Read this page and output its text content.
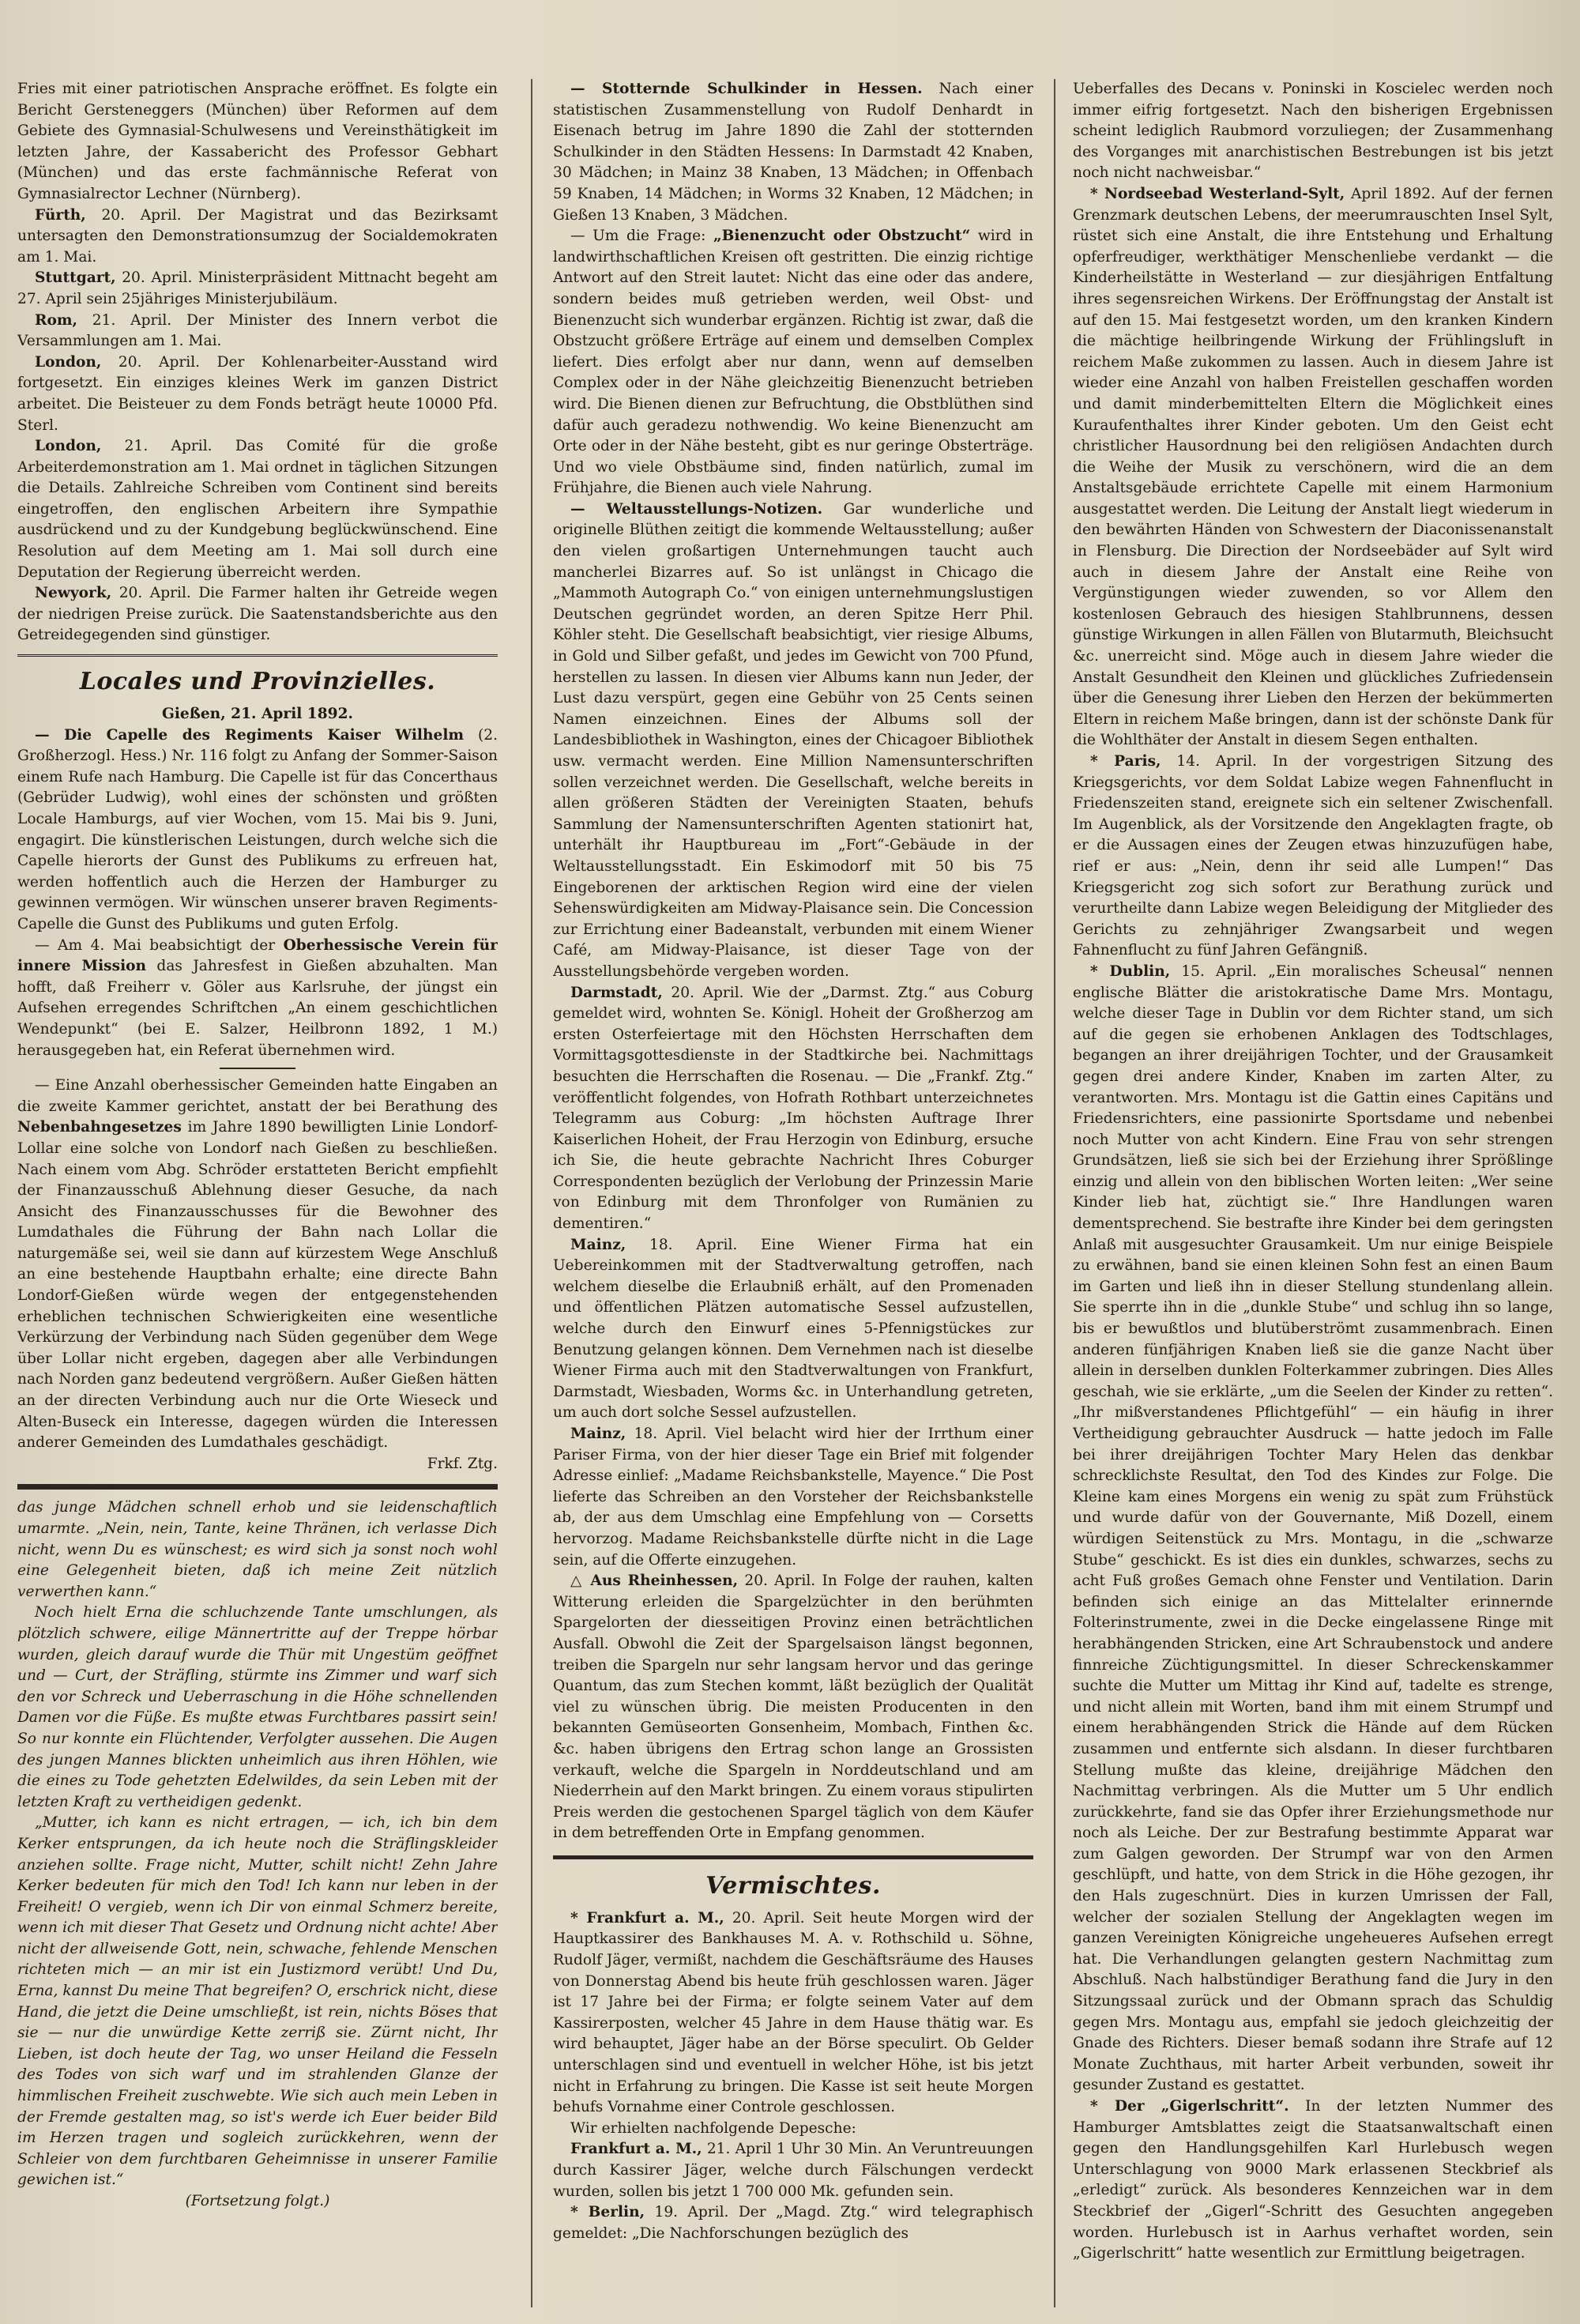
Fries mit einer patriotischen Ansprache eröffnet. Es folgte ein Bericht Gersteneggers (München) über Reformen auf dem Gebiete des Gymnasial-Schulwesens und Vereinsthätigkeit im letzten Jahre, der Kassabericht des Professor Gebhart (München) und das erste fachmännische Referat von Gymnasialrector Lechner (Nürnberg).

Fürth, 20. April. Der Magistrat und das Bezirksamt untersagten den Demonstrationsumzug der Socialdemokraten am 1. Mai.

Stuttgart, 20. April. Ministerpräsident Mittnacht begeht am 27. April sein 25jähriges Ministerjubiläum.

Rom, 21. April. Der Minister des Innern verbot die Versammlungen am 1. Mai.

London, 20. April. Der Kohlenarbeiter-Ausstand wird fortgesetzt. Ein einziges kleines Werk im ganzen District arbeitet. Die Beisteuer zu dem Fonds beträgt heute 10000 Pfd. Sterl.

London, 21. April. Das Comité für die große Arbeiterdemonstration am 1. Mai ordnet in täglichen Sitzungen die Details. Zahlreiche Schreiben vom Continent sind bereits eingetroffen, den englischen Arbeitern ihre Sympathie ausdrückend und zu der Kundgebung beglückwünschend. Eine Resolution auf dem Meeting am 1. Mai soll durch eine Deputation der Regierung überreicht werden.

Newyork, 20. April. Die Farmer halten ihr Getreide wegen der niedrigen Preise zurück. Die Saatenstandsberichte aus den Getreidegegenden sind günstiger.

Locales und Provinzielles.

Gießen, 21. April 1892.

— Die Capelle des Regiments Kaiser Wilhelm (2. Großherzogl. Hess.) Nr. 116 folgt zu Anfang der Sommer-Saison einem Rufe nach Hamburg. Die Capelle ist für das Concerthaus (Gebrüder Ludwig), wohl eines der schönsten und größten Locale Hamburgs, auf vier Wochen, vom 15. Mai bis 9. Juni, engagirt. Die künstlerischen Leistungen, durch welche sich die Capelle hierorts der Gunst des Publikums zu erfreuen hat, werden hoffentlich auch die Herzen der Hamburger zu gewinnen vermögen. Wir wünschen unserer braven Regiments-Capelle die Gunst des Publikums und guten Erfolg.

— Am 4. Mai beabsichtigt der Oberhessische Verein für innere Mission das Jahresfest in Gießen abzuhalten. Man hofft, daß Freiherr v. Göler aus Karlsruhe, der jüngst ein Aufsehen erregendes Schriftchen „An einem geschichtlichen Wendepunkt“ (bei E. Salzer, Heilbronn 1892, 1 M.) herausgegeben hat, ein Referat übernehmen wird.

— Eine Anzahl oberhessischer Gemeinden hatte Eingaben an die zweite Kammer gerichtet, anstatt der bei Berathung des Nebenbahngesetzes im Jahre 1890 bewilligten Linie Londorf-Lollar eine solche von Londorf nach Gießen zu beschließen. Nach einem vom Abg. Schröder erstatteten Bericht empfiehlt der Finanzausschuß Ablehnung dieser Gesuche, da nach Ansicht des Finanzausschusses für die Bewohner des Lumdathales die Führung der Bahn nach Lollar die naturgemäße sei, weil sie dann auf kürzestem Wege Anschluß an eine bestehende Hauptbahn erhalte; eine directe Bahn Londorf-Gießen würde wegen der entgegenstehenden erheblichen technischen Schwierigkeiten eine wesentliche Verkürzung der Verbindung nach Süden gegenüber dem Wege über Lollar nicht ergeben, dagegen aber alle Verbindungen nach Norden ganz bedeutend vergrößern. Außer Gießen hätten an der directen Verbindung auch nur die Orte Wieseck und Alten-Buseck ein Interesse, dagegen würden die Interessen anderer Gemeinden des Lumdathales geschädigt.

Frkf. Ztg.

das junge Mädchen schnell erhob und sie leidenschaftlich umarmte. „Nein, nein, Tante, keine Thränen, ich verlasse Dich nicht, wenn Du es wünschest; es wird sich ja sonst noch wohl eine Gelegenheit bieten, daß ich meine Zeit nützlich verwerthen kann.“

Noch hielt Erna die schluchzende Tante umschlungen, als plötzlich schwere, eilige Männertritte auf der Treppe hörbar wurden, gleich darauf wurde die Thür mit Ungestüm geöffnet und — Curt, der Sträfling, stürmte ins Zimmer und warf sich den vor Schreck und Ueberraschung in die Höhe schnellenden Damen vor die Füße. Es mußte etwas Furchtbares passirt sein! So nur konnte ein Flüchtender, Verfolgter aussehen. Die Augen des jungen Mannes blickten unheimlich aus ihren Höhlen, wie die eines zu Tode gehetzten Edelwildes, da sein Leben mit der letzten Kraft zu vertheidigen gedenkt.

„Mutter, ich kann es nicht ertragen, — ich, ich bin dem Kerker entsprungen, da ich heute noch die Sträflingskleider anziehen sollte. Frage nicht, Mutter, schilt nicht! Zehn Jahre Kerker bedeuten für mich den Tod! Ich kann nur leben in der Freiheit! O vergieb, wenn ich Dir von einmal Schmerz bereite, wenn ich mit dieser That Gesetz und Ordnung nicht achte! Aber nicht der allweisende Gott, nein, schwache, fehlende Menschen richteten mich — an mir ist ein Justizmord verübt! Und Du, Erna, kannst Du meine That begreifen? O, erschrick nicht, diese Hand, die jetzt die Deine umschließt, ist rein, nichts Böses that sie — nur die unwürdige Kette zerriß sie. Zürnt nicht, Ihr Lieben, ist doch heute der Tag, wo unser Heiland die Fesseln des Todes von sich warf und im strahlenden Glanze der himmlischen Freiheit zuschwebte. Wie sich auch mein Leben in der Fremde gestalten mag, so ist's werde ich Euer beider Bild im Herzen tragen und sogleich zurückkehren, wenn der Schleier von dem furchtbaren Geheimnisse in unserer Familie gewichen ist.“

(Fortsetzung folgt.)

— Stotternde Schulkinder in Hessen. Nach einer statistischen Zusammenstellung von Rudolf Denhardt in Eisenach betrug im Jahre 1890 die Zahl der stotternden Schulkinder in den Städten Hessens: In Darmstadt 42 Knaben, 30 Mädchen; in Mainz 38 Knaben, 13 Mädchen; in Offenbach 59 Knaben, 14 Mädchen; in Worms 32 Knaben, 12 Mädchen; in Gießen 13 Knaben, 3 Mädchen.

— Um die Frage: „Bienenzucht oder Obstzucht“ wird in landwirthschaftlichen Kreisen oft gestritten. Die einzig richtige Antwort auf den Streit lautet: Nicht das eine oder das andere, sondern beides muß getrieben werden, weil Obst- und Bienenzucht sich wunderbar ergänzen. Richtig ist zwar, daß die Obstzucht größere Erträge auf einem und demselben Complex liefert. Dies erfolgt aber nur dann, wenn auf demselben Complex oder in der Nähe gleichzeitig Bienenzucht betrieben wird. Die Bienen dienen zur Befruchtung, die Obstblüthen sind dafür auch geradezu nothwendig. Wo keine Bienenzucht am Orte oder in der Nähe besteht, gibt es nur geringe Obsterträge. Und wo viele Obstbäume sind, finden natürlich, zumal im Frühjahre, die Bienen auch viele Nahrung.

— Weltausstellungs-Notizen. Gar wunderliche und originelle Blüthen zeitigt die kommende Weltausstellung; außer den vielen großartigen Unternehmungen taucht auch mancherlei Bizarres auf. So ist unlängst in Chicago die „Mammoth Autograph Co.“ von einigen unternehmungslustigen Deutschen gegründet worden, an deren Spitze Herr Phil. Köhler steht. Die Gesellschaft beabsichtigt, vier riesige Albums, in Gold und Silber gefaßt, und jedes im Gewicht von 700 Pfund, herstellen zu lassen. In diesen vier Albums kann nun Jeder, der Lust dazu verspürt, gegen eine Gebühr von 25 Cents seinen Namen einzeichnen. Eines der Albums soll der Landesbibliothek in Washington, eines der Chicagoer Bibliothek usw. vermacht werden. Eine Million Namensunterschriften sollen verzeichnet werden. Die Gesellschaft, welche bereits in allen größeren Städten der Vereinigten Staaten, behufs Sammlung der Namensunterschriften Agenten stationirt hat, unterhält ihr Hauptbureau im „Fort“-Gebäude in der Weltausstellungsstadt. Ein Eskimodorf mit 50 bis 75 Eingeborenen der arktischen Region wird eine der vielen Sehenswürdigkeiten am Midway-Plaisance sein. Die Concession zur Errichtung einer Badeanstalt, verbunden mit einem Wiener Café, am Midway-Plaisance, ist dieser Tage von der Ausstellungsbehörde vergeben worden.

Darmstadt, 20. April. Wie der „Darmst. Ztg.“ aus Coburg gemeldet wird, wohnten Se. Königl. Hoheit der Großherzog am ersten Osterfeiertage mit den Höchsten Herrschaften dem Vormittagsgottesdienste in der Stadtkirche bei. Nachmittags besuchten die Herrschaften die Rosenau. — Die „Frankf. Ztg.“ veröffentlicht folgendes, von Hofrath Rothbart unterzeichnetes Telegramm aus Coburg: „Im höchsten Auftrage Ihrer Kaiserlichen Hoheit, der Frau Herzogin von Edinburg, ersuche ich Sie, die heute gebrachte Nachricht Ihres Coburger Correspondenten bezüglich der Verlobung der Prinzessin Marie von Edinburg mit dem Thronfolger von Rumänien zu dementiren.“

Mainz, 18. April. Eine Wiener Firma hat ein Uebereinkommen mit der Stadtverwaltung getroffen, nach welchem dieselbe die Erlaubniß erhält, auf den Promenaden und öffentlichen Plätzen automatische Sessel aufzustellen, welche durch den Einwurf eines 5-Pfennigstückes zur Benutzung gelangen können. Dem Vernehmen nach ist dieselbe Wiener Firma auch mit den Stadtverwaltungen von Frankfurt, Darmstadt, Wiesbaden, Worms &c. in Unterhandlung getreten, um auch dort solche Sessel aufzustellen.

Mainz, 18. April. Viel belacht wird hier der Irrthum einer Pariser Firma, von der hier dieser Tage ein Brief mit folgender Adresse einlief: „Madame Reichsbankstelle, Mayence.“ Die Post lieferte das Schreiben an den Vorsteher der Reichsbankstelle ab, der aus dem Umschlag eine Empfehlung von — Corsetts hervorzog. Madame Reichsbankstelle dürfte nicht in die Lage sein, auf die Offerte einzugehen.

△ Aus Rheinhessen, 20. April. In Folge der rauhen, kalten Witterung erleiden die Spargelzüchter in den berühmten Spargelorten der diesseitigen Provinz einen beträchtlichen Ausfall. Obwohl die Zeit der Spargelsaison längst begonnen, treiben die Spargeln nur sehr langsam hervor und das geringe Quantum, das zum Stechen kommt, läßt bezüglich der Qualität viel zu wünschen übrig. Die meisten Producenten in den bekannten Gemüseorten Gonsenheim, Mombach, Finthen &c. &c. haben übrigens den Ertrag schon lange an Grossisten verkauft, welche die Spargeln in Norddeutschland und am Niederrhein auf den Markt bringen. Zu einem voraus stipulirten Preis werden die gestochenen Spargel täglich von dem Käufer in dem betreffenden Orte in Empfang genommen.

Vermischtes.

* Frankfurt a. M., 20. April. Seit heute Morgen wird der Hauptkassirer des Bankhauses M. A. v. Rothschild u. Söhne, Rudolf Jäger, vermißt, nachdem die Geschäftsräume des Hauses von Donnerstag Abend bis heute früh geschlossen waren. Jäger ist 17 Jahre bei der Firma; er folgte seinem Vater auf dem Kassirerposten, welcher 45 Jahre in dem Hause thätig war. Es wird behauptet, Jäger habe an der Börse speculirt. Ob Gelder unterschlagen sind und eventuell in welcher Höhe, ist bis jetzt nicht in Erfahrung zu bringen. Die Kasse ist seit heute Morgen behufs Vornahme einer Controle geschlossen.

Wir erhielten nachfolgende Depesche:

Frankfurt a. M., 21. April 1 Uhr 30 Min. An Veruntreuungen durch Kassirer Jäger, welche durch Fälschungen verdeckt wurden, sollen bis jetzt 1 700 000 Mk. gefunden sein.

* Berlin, 19. April. Der „Magd. Ztg.“ wird telegraphisch gemeldet: „Die Nachforschungen bezüglich des

Ueberfalles des Decans v. Poninski in Koscielec werden noch immer eifrig fortgesetzt. Nach den bisherigen Ergebnissen scheint lediglich Raubmord vorzuliegen; der Zusammenhang des Vorganges mit anarchistischen Bestrebungen ist bis jetzt noch nicht nachweisbar.“

* Nordseebad Westerland-Sylt, April 1892. Auf der fernen Grenzmark deutschen Lebens, der meerumrauschten Insel Sylt, rüstet sich eine Anstalt, die ihre Entstehung und Erhaltung opferfreudiger, werkthätiger Menschenliebe verdankt — die Kinderheilstätte in Westerland — zur diesjährigen Entfaltung ihres segensreichen Wirkens. Der Eröffnungstag der Anstalt ist auf den 15. Mai festgesetzt worden, um den kranken Kindern die mächtige heilbringende Wirkung der Frühlingsluft in reichem Maße zukommen zu lassen. Auch in diesem Jahre ist wieder eine Anzahl von halben Freistellen geschaffen worden und damit minderbemittelten Eltern die Möglichkeit eines Kuraufenthaltes ihrer Kinder geboten. Um den Geist echt christlicher Hausordnung bei den religiösen Andachten durch die Weihe der Musik zu verschönern, wird die an dem Anstaltsgebäude errichtete Capelle mit einem Harmonium ausgestattet werden. Die Leitung der Anstalt liegt wiederum in den bewährten Händen von Schwestern der Diaconissenanstalt in Flensburg. Die Direction der Nordseebäder auf Sylt wird auch in diesem Jahre der Anstalt eine Reihe von Vergünstigungen wieder zuwenden, so vor Allem den kostenlosen Gebrauch des hiesigen Stahlbrunnens, dessen günstige Wirkungen in allen Fällen von Blutarmuth, Bleichsucht &c. unerreicht sind. Möge auch in diesem Jahre wieder die Anstalt Gesundheit den Kleinen und glückliches Zufriedensein über die Genesung ihrer Lieben den Herzen der bekümmerten Eltern in reichem Maße bringen, dann ist der schönste Dank für die Wohlthäter der Anstalt in diesem Segen enthalten.

* Paris, 14. April. In der vorgestrigen Sitzung des Kriegsgerichts, vor dem Soldat Labize wegen Fahnenflucht in Friedenszeiten stand, ereignete sich ein seltener Zwischenfall. Im Augenblick, als der Vorsitzende den Angeklagten fragte, ob er die Aussagen eines der Zeugen etwas hinzuzufügen habe, rief er aus: „Nein, denn ihr seid alle Lumpen!“ Das Kriegsgericht zog sich sofort zur Berathung zurück und verurtheilte dann Labize wegen Beleidigung der Mitglieder des Gerichts zu zehnjähriger Zwangsarbeit und wegen Fahnenflucht zu fünf Jahren Gefängniß.

* Dublin, 15. April. „Ein moralisches Scheusal“ nennen englische Blätter die aristokratische Dame Mrs. Montagu, welche dieser Tage in Dublin vor dem Richter stand, um sich auf die gegen sie erhobenen Anklagen des Todtschlages, begangen an ihrer dreijährigen Tochter, und der Grausamkeit gegen drei andere Kinder, Knaben im zarten Alter, zu verantworten. Mrs. Montagu ist die Gattin eines Capitäns und Friedensrichters, eine passionirte Sportsdame und nebenbei noch Mutter von acht Kindern. Eine Frau von sehr strengen Grundsätzen, ließ sie sich bei der Erziehung ihrer Sprößlinge einzig und allein von den biblischen Worten leiten: „Wer seine Kinder lieb hat, züchtigt sie.“ Ihre Handlungen waren dementsprechend. Sie bestrafte ihre Kinder bei dem geringsten Anlaß mit ausgesuchter Grausamkeit. Um nur einige Beispiele zu erwähnen, band sie einen kleinen Sohn fest an einen Baum im Garten und ließ ihn in dieser Stellung stundenlang allein. Sie sperrte ihn in die „dunkle Stube“ und schlug ihn so lange, bis er bewußtlos und blutüberströmt zusammenbrach. Einen anderen fünfjährigen Knaben ließ sie die ganze Nacht über allein in derselben dunklen Folterkammer zubringen. Dies Alles geschah, wie sie erklärte, „um die Seelen der Kinder zu retten“. „Ihr mißverstandenes Pflichtgefühl“ — ein häufig in ihrer Vertheidigung gebrauchter Ausdruck — hatte jedoch im Falle bei ihrer dreijährigen Tochter Mary Helen das denkbar schrecklichste Resultat, den Tod des Kindes zur Folge. Die Kleine kam eines Morgens ein wenig zu spät zum Frühstück und wurde dafür von der Gouvernante, Miß Dozell, einem würdigen Seitenstück zu Mrs. Montagu, in die „schwarze Stube“ geschickt. Es ist dies ein dunkles, schwarzes, sechs zu acht Fuß großes Gemach ohne Fenster und Ventilation. Darin befinden sich einige an das Mittelalter erinnernde Folterinstrumente, zwei in die Decke eingelassene Ringe mit herabhängenden Stricken, eine Art Schraubenstock und andere finnreiche Züchtigungsmittel. In dieser Schreckenskammer suchte die Mutter um Mittag ihr Kind auf, tadelte es strenge, und nicht allein mit Worten, band ihm mit einem Strumpf und einem herabhängenden Strick die Hände auf dem Rücken zusammen und entfernte sich alsdann. In dieser furchtbaren Stellung mußte das kleine, dreijährige Mädchen den Nachmittag verbringen. Als die Mutter um 5 Uhr endlich zurückkehrte, fand sie das Opfer ihrer Erziehungsmethode nur noch als Leiche. Der zur Bestrafung bestimmte Apparat war zum Galgen geworden. Der Strumpf war von den Armen geschlüpft, und hatte, von dem Strick in die Höhe gezogen, ihr den Hals zugeschnürt. Dies in kurzen Umrissen der Fall, welcher der sozialen Stellung der Angeklagten wegen im ganzen Vereinigten Königreiche ungeheueres Aufsehen erregt hat. Die Verhandlungen gelangten gestern Nachmittag zum Abschluß. Nach halbstündiger Berathung fand die Jury in den Sitzungssaal zurück und der Obmann sprach das Schuldig gegen Mrs. Montagu aus, empfahl sie jedoch gleichzeitig der Gnade des Richters. Dieser bemaß sodann ihre Strafe auf 12 Monate Zuchthaus, mit harter Arbeit verbunden, soweit ihr gesunder Zustand es gestattet.

* Der „Gigerlschritt“. In der letzten Nummer des Hamburger Amtsblattes zeigt die Staatsanwaltschaft einen gegen den Handlungsgehilfen Karl Hurlebusch wegen Unterschlagung von 9000 Mark erlassenen Steckbrief als „erledigt“ zurück. Als besonderes Kennzeichen war in dem Steckbrief der „Gigerl“-Schritt des Gesuchten angegeben worden. Hurlebusch ist in Aarhus verhaftet worden, sein „Gigerlschritt“ hatte wesentlich zur Ermittlung beigetragen.
